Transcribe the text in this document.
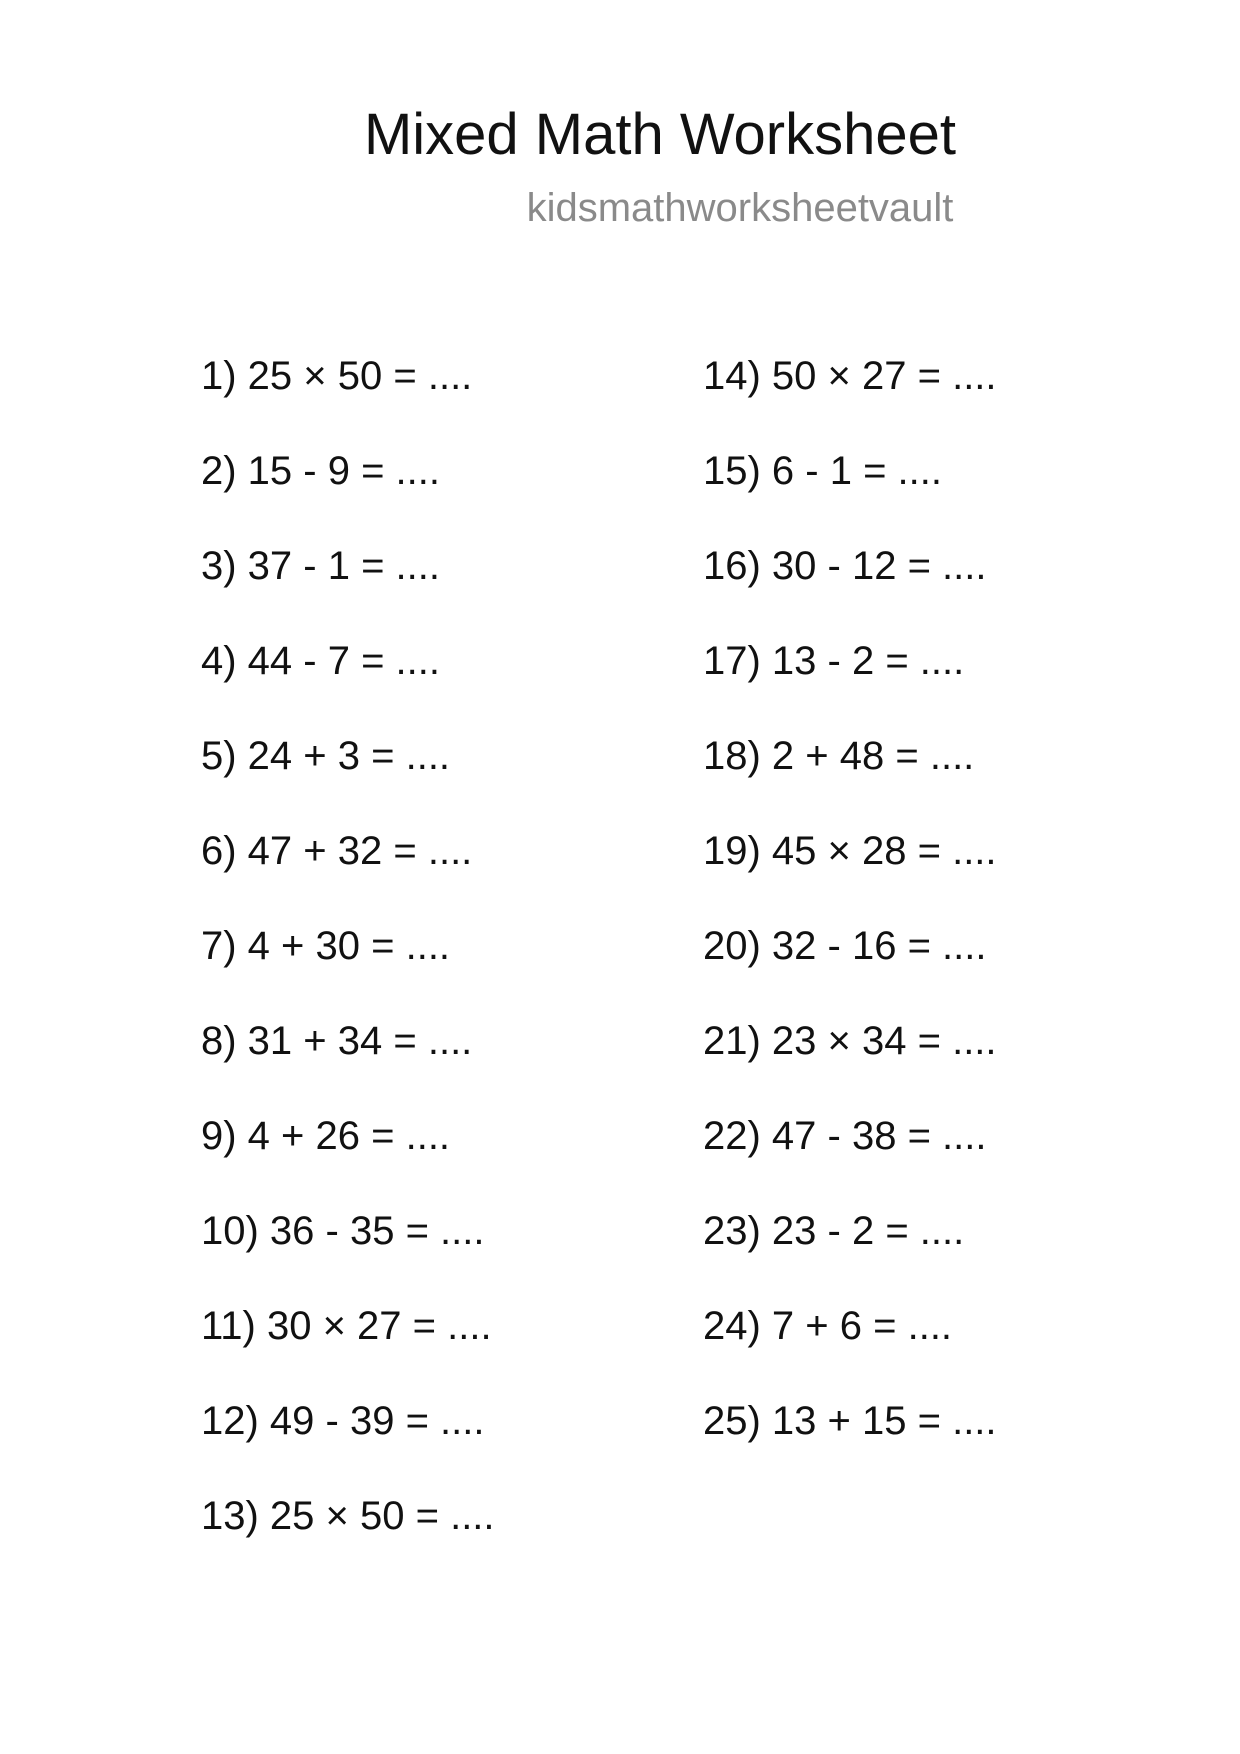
Mixed Math Worksheet
kidsmathworksheetvault
1) 25 × 50 = ....
2) 15 - 9 = ....
3) 37 - 1 = ....
4) 44 - 7 = ....
5) 24 + 3 = ....
6) 47 + 32 = ....
7) 4 + 30 = ....
8) 31 + 34 = ....
9) 4 + 26 = ....
10) 36 - 35 = ....
11) 30 × 27 = ....
12) 49 - 39 = ....
13) 25 × 50 = ....
14) 50 × 27 = ....
15) 6 - 1 = ....
16) 30 - 12 = ....
17) 13 - 2 = ....
18) 2 + 48 = ....
19) 45 × 28 = ....
20) 32 - 16 = ....
21) 23 × 34 = ....
22) 47 - 38 = ....
23) 23 - 2 = ....
24) 7 + 6 = ....
25) 13 + 15 = ....
